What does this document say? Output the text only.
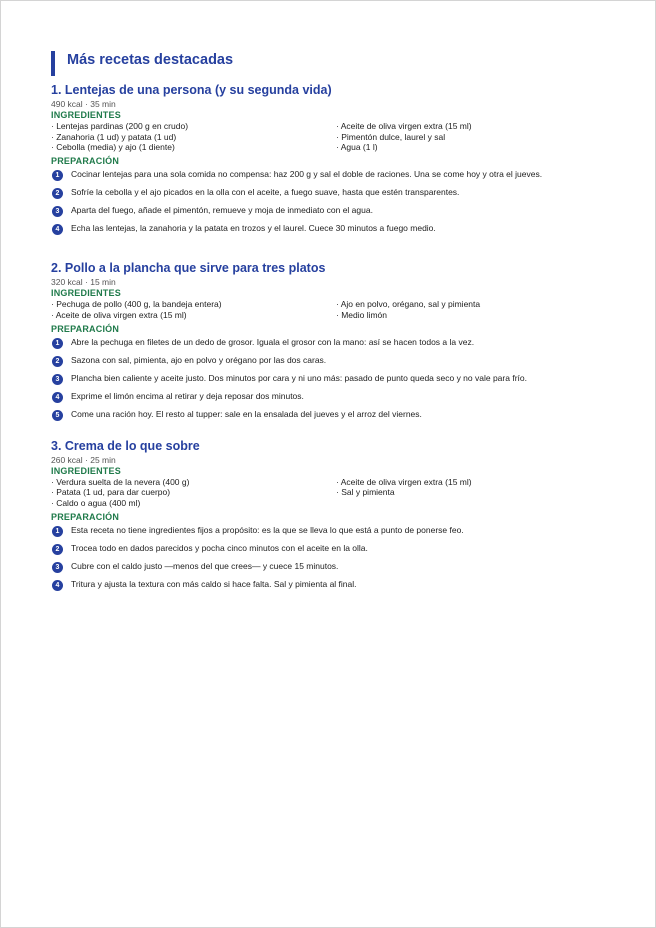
Más recetas destacadas
1. Lentejas de una persona (y su segunda vida)
490 kcal · 35 min
INGREDIENTES
· Lentejas pardinas (200 g en crudo)
· Zanahoria (1 ud) y patata (1 ud)
· Cebolla (media) y ajo (1 diente)
· Aceite de oliva virgen extra (15 ml)
· Pimentón dulce, laurel y sal
· Agua (1 l)
PREPARACIÓN
1	Cocinar lentejas para una sola comida no compensa: haz 200 g y sal el doble de raciones. Una se come hoy y otra el jueves.
2	Sofríe la cebolla y el ajo picados en la olla con el aceite, a fuego suave, hasta que estén transparentes.
3	Aparta del fuego, añade el pimentón, remueve y moja de inmediato con el agua.
4	Echa las lentejas, la zanahoria y la patata en trozos y el laurel. Cuece 30 minutos a fuego medio.
2. Pollo a la plancha que sirve para tres platos
320 kcal · 15 min
INGREDIENTES
· Pechuga de pollo (400 g, la bandeja entera)
· Aceite de oliva virgen extra (15 ml)
· Ajo en polvo, orégano, sal y pimienta
· Medio limón
PREPARACIÓN
1	Abre la pechuga en filetes de un dedo de grosor. Iguala el grosor con la mano: así se hacen todos a la vez.
2	Sazona con sal, pimienta, ajo en polvo y orégano por las dos caras.
3	Plancha bien caliente y aceite justo. Dos minutos por cara y ni uno más: pasado de punto queda seco y no vale para frío.
4	Exprime el limón encima al retirar y deja reposar dos minutos.
5	Come una ración hoy. El resto al tupper: sale en la ensalada del jueves y el arroz del viernes.
3. Crema de lo que sobre
260 kcal · 25 min
INGREDIENTES
· Verdura suelta de la nevera (400 g)
· Patata (1 ud, para dar cuerpo)
· Caldo o agua (400 ml)
· Aceite de oliva virgen extra (15 ml)
· Sal y pimienta
PREPARACIÓN
1	Esta receta no tiene ingredientes fijos a propósito: es la que se lleva lo que está a punto de ponerse feo.
2	Trocea todo en dados parecidos y pocha cinco minutos con el aceite en la olla.
3	Cubre con el caldo justo —menos del que crees— y cuece 15 minutos.
4	Tritura y ajusta la textura con más caldo si hace falta. Sal y pimienta al final.
